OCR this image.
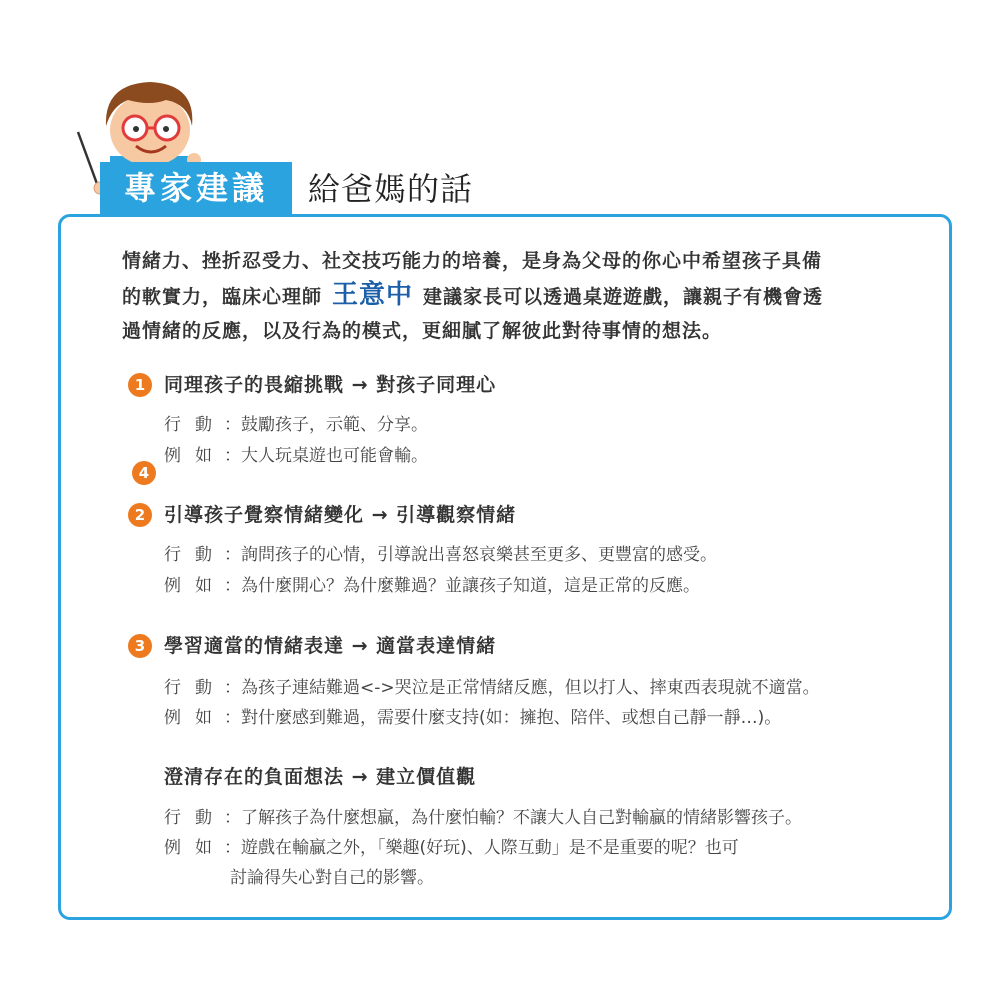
專家建議	給爸媽的話
情緒力、挫折忍受力、社交技巧能力的培養，是身為父母的你心中希望孩子具備
的軟實力，臨床心理師 王意中 建議家長可以透過桌遊遊戲，讓親子有機會透
過情緒的反應，以及行為的模式，更細膩了解彼此對待事情的想法。
1 同理孩子的畏縮挑戰 → 對孩子同理心
行動：鼓勵孩子，示範、分享。
例如：大人玩桌遊也可能會輸。
4
2 引導孩子覺察情緒變化 → 引導觀察情緒
行動：詢問孩子的心情，引導說出喜怒哀樂甚至更多、更豐富的感受。
例如：為什麼開心？為什麼難過？並讓孩子知道，這是正常的反應。
3 學習適當的情緒表達 → 適當表達情緒
行動：為孩子連結難過<->哭泣是正常情緒反應，但以打人、摔東西表現就不適當。
例如：對什麼感到難過，需要什麼支持(如：擁抱、陪伴、或想自己靜一靜…)。
澄清存在的負面想法 → 建立價值觀
行動：了解孩子為什麼想贏，為什麼怕輸？不讓大人自己對輸贏的情緒影響孩子。
例如：遊戲在輸贏之外，「樂趣(好玩)、人際互動」是不是重要的呢？也可
討論得失心對自己的影響。
